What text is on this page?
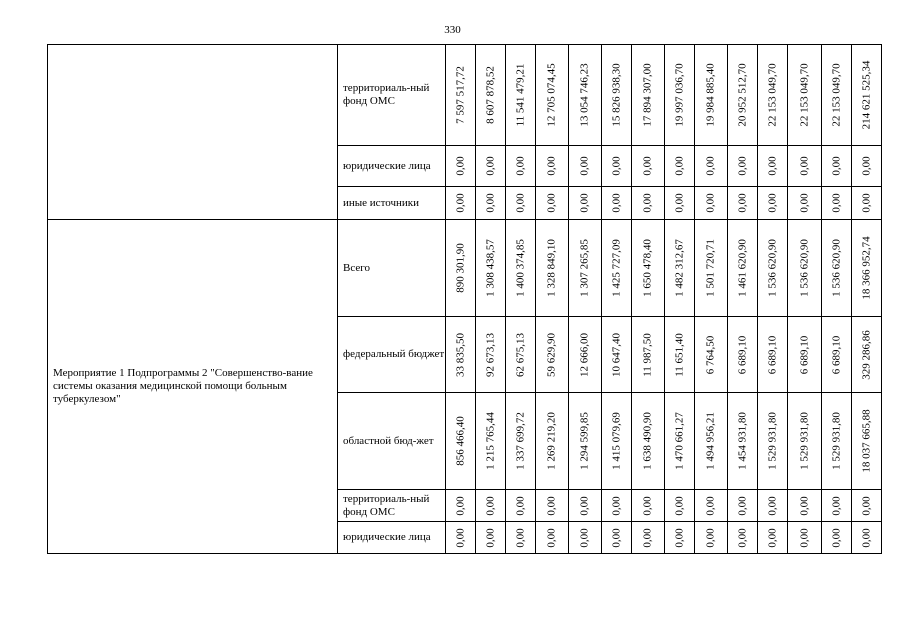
330
	территориаль-ный фонд ОМС	7 597 517,72	8 607 878,52	11 541 479,21	12 705 074,45	13 054 746,23	15 826 938,30	17 894 307,00	19 997 036,70	19 984 885,40	20 952 512,70	22 153 049,70	22 153 049,70	22 153 049,70	214 621 525,34

	юридические лица	0,00	0,00	0,00	0,00	0,00	0,00	0,00	0,00	0,00	0,00	0,00	0,00	0,00	0,00

	иные источники	0,00	0,00	0,00	0,00	0,00	0,00	0,00	0,00	0,00	0,00	0,00	0,00	0,00	0,00

Мероприятие 1 Подпрограммы 2 "Совершенство-вание системы оказания медицинской помощи больным туберкулезом"	Всего	890 301,90	1 308 438,57	1 400 374,85	1 328 849,10	1 307 265,85	1 425 727,09	1 650 478,40	1 482 312,67	1 501 720,71	1 461 620,90	1 536 620,90	1 536 620,90	1 536 620,90	18 366 952,74

	федеральный бюджет	33 835,50	92 673,13	62 675,13	59 629,90	12 666,00	10 647,40	11 987,50	11 651,40	6 764,50	6 689,10	6 689,10	6 689,10	6 689,10	329 286,86

	областной бюд-жет	856 466,40	1 215 765,44	1 337 699,72	1 269 219,20	1 294 599,85	1 415 079,69	1 638 490,90	1 470 661,27	1 494 956,21	1 454 931,80	1 529 931,80	1 529 931,80	1 529 931,80	18 037 665,88

	территориаль-ный фонд ОМС	0,00	0,00	0,00	0,00	0,00	0,00	0,00	0,00	0,00	0,00	0,00	0,00	0,00	0,00

	юридические лица	0,00	0,00	0,00	0,00	0,00	0,00	0,00	0,00	0,00	0,00	0,00	0,00	0,00	0,00
